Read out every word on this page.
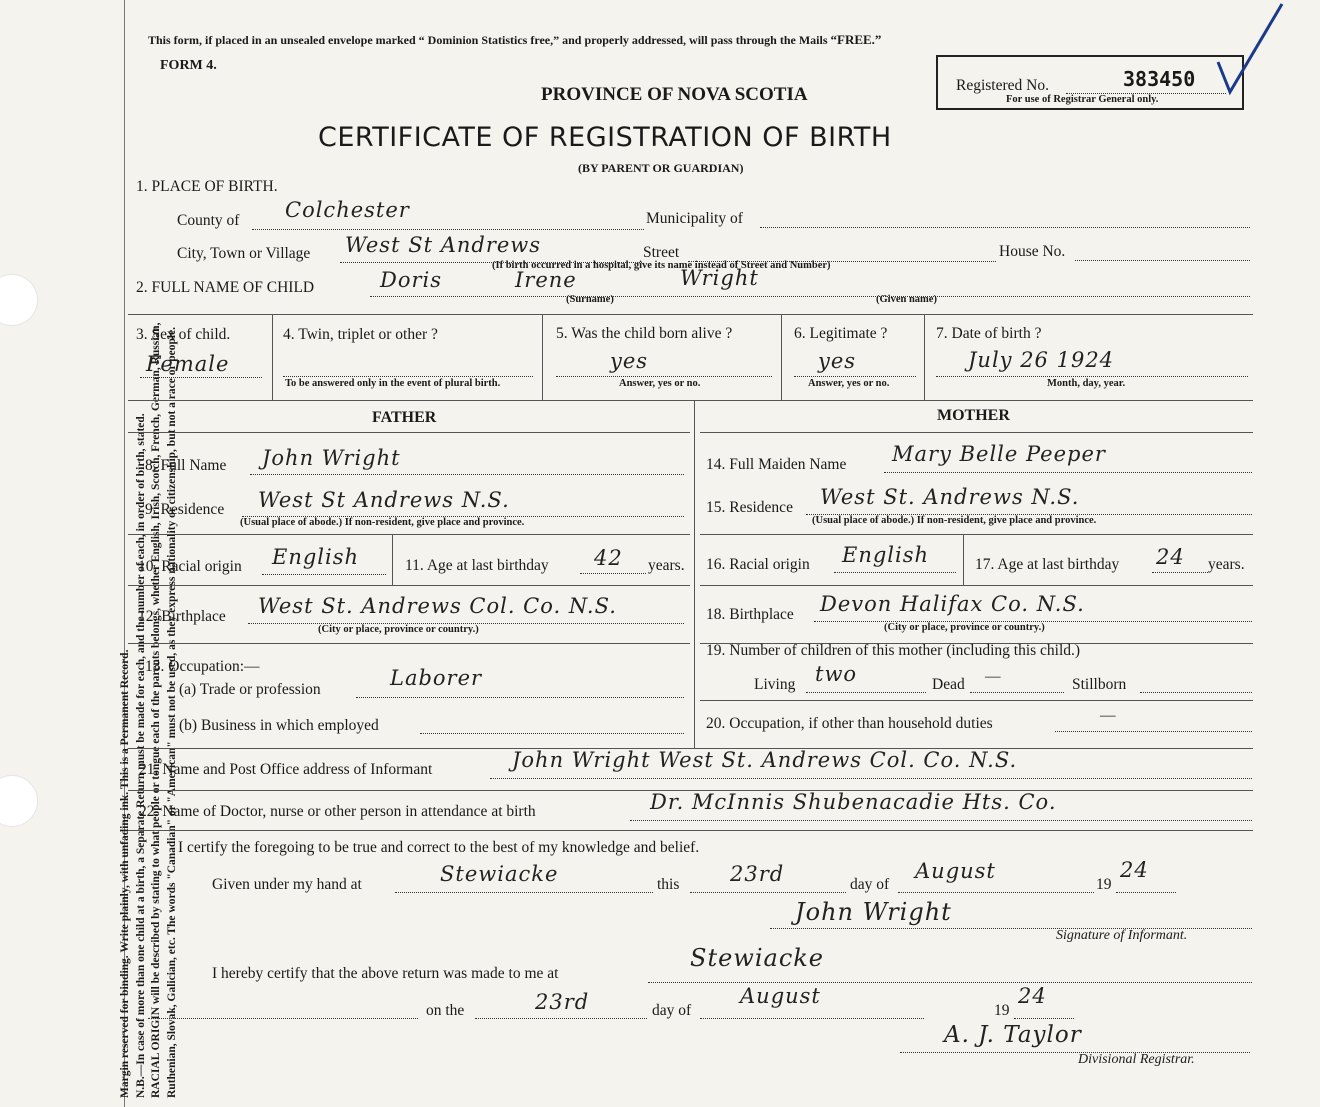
Margin reserved for binding. Write plainly, with unfading ink. This is a Permanent Record. N.B.—In case of more than one child at a birth, a Separate Return must be made for each, and the number of each, in order of birth, stated. RACIAL ORIGIN will be described by stating to what people or tongue each of the parents belongs, whether English, Irish, Scotch, French, German, Russian, Ruthenian, Slovak, Galician, etc. The words "Canadian" or "American" must not be used, as they express nationality or citizenship, but not a race or people.
This form, if placed in an unsealed envelope marked “ Dominion Statistics free,” and properly addressed, will pass through the Mails “FREE.”
FORM 4.
PROVINCE OF NOVA SCOTIA
CERTIFICATE OF REGISTRATION OF BIRTH
(BY PARENT OR GUARDIAN)
Registered No.	383450
For use of Registrar General only.
1. PLACE OF BIRTH.
County of Colchester	Municipality of
City, Town or Village West St Andrews	Street	House No.
(If birth occurred in a hospital, give its name instead of Street and Number)
2. FULL NAME OF CHILD	Doris	Irene	Wright
(Surname)	(Given name)
3. Sex of child.
Female
4. Twin, triplet or other ?
To be answered only in the event of plural birth.
5. Was the child born alive ?
yes
Answer, yes or no.
6. Legitimate ?
yes
Answer, yes or no.
7. Date of birth ?
July 26 1924
Month, day, year.
FATHER	MOTHER
8. Full Name John Wright
9. Residence West St Andrews N.S.
(Usual place of abode.) If non-resident, give place and province.
10. Racial origin English	11. Age at last birthday 42 years.
12. Birthplace West St. Andrews Col. Co. N.S.
(City or place, province or country.)
13. Occupation:—
(a) Trade or profession	Laborer
(b) Business in which employed
14. Full Maiden Name Mary Belle Peeper
15. Residence West St. Andrews N.S.
(Usual place of abode.) If non-resident, give place and province.
16. Racial origin English	17. Age at last birthday 24 years.
18. Birthplace Devon Halifax Co. N.S.
(City or place, province or country.)
19. Number of children of this mother (including this child.)
Living two	Dead —	Stillborn
20. Occupation, if other than household duties	—
21. Name and Post Office address of Informant	John Wright West St. Andrews Col. Co. N.S.
22. Name of Doctor, nurse or other person in attendance at birth	Dr. McInnis Shubenacadie Hts. Co.
I certify the foregoing to be true and correct to the best of my knowledge and belief.
Given under my hand at	Stewiacke	this 23rd	day of
August
19
24
John Wright
Signature of Informant.
I hereby certify that the above return was made to me at
Stewiacke
on the	23rd	day of
August
19
24
A. J. Taylor
Divisional Registrar.
